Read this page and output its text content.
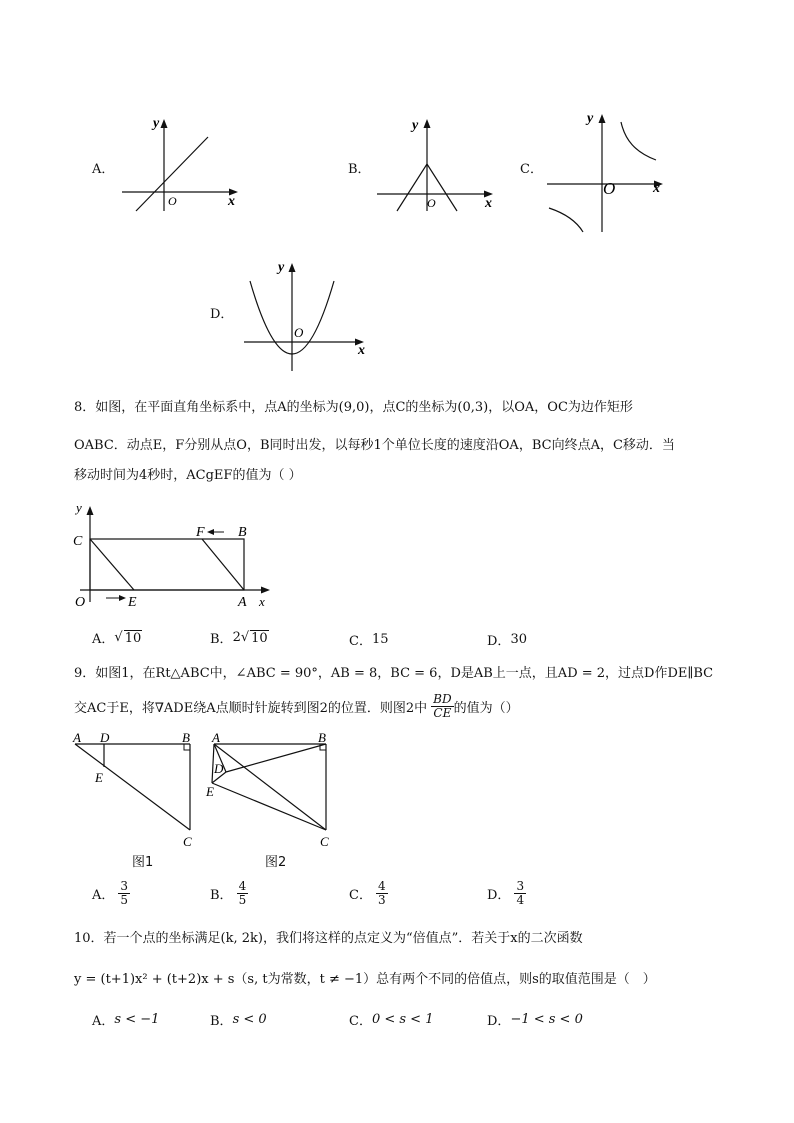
A．
y
x
O
B．
y
x
O
C．
y
x
O
D．
y
x
O
8．如图，在平面直角坐标系中，点A的坐标为(9,0)，点C的坐标为(0,3)，以OA，OC为边作矩形
OABC．动点E，F分别从点O，B同时出发，以每秒1个单位长度的速度沿OA，BC向终点A，C移动．当
移动时间为4秒时，ACgEF的值为（ ）
y
C
F B
O	E	A x
A． √ 10	B． 2 √ 10	C． 15	D． 30
9．如图1，在Rt△ABC中，∠ABC = 90°，AB = 8，BC = 6，D是AB上一点，且AD = 2，过点D作DE∥BC
交AC于E，将∇ADE绕A点顺时针旋转到图2的位置．则图2中 $\frac{BD}{CE}$ 的值为（）
A D	B
E
C
图1
A	B
D
E
C
图2
A． $\frac{3}{5}$	B． $\frac{4}{5}$	C． $\frac{4}{3}$	D． $\frac{3}{4}$
10．若一个点的坐标满足(k, 2k)，我们将这样的点定义为“倍值点”．若关于x的二次函数
y = (t+1)x² + (t+2)x + s（s, t为常数，t ≠ −1）总有两个不同的倍值点，则s的取值范围是（　）
A． s < −1	B． s < 0	C． 0 < s < 1	D． −1 < s < 0
